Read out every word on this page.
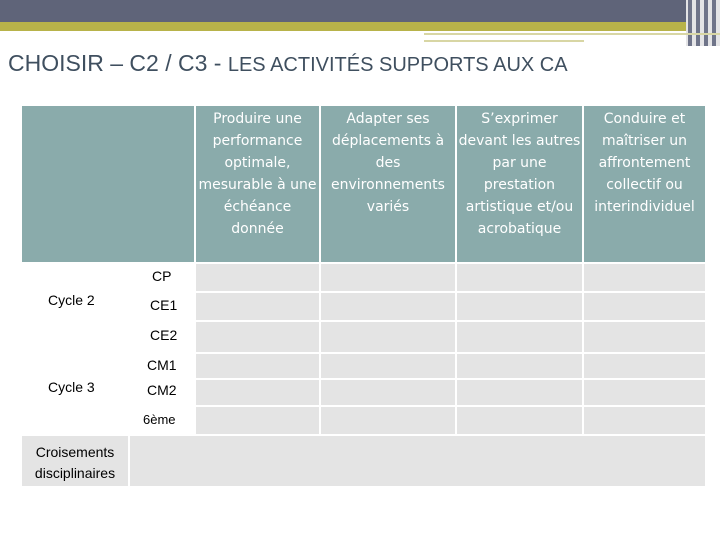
CHOISIR – C2 / C3 - LES ACTIVITÉS SUPPORTS AUX CA
Produire une performance optimale, mesurable à une échéance donnée
Adapter ses déplacements à des environnements variés
S’exprimer devant les autres par une prestation artistique et/ou acrobatique
Conduire et maîtriser un affrontement collectif ou interindividuel
Cycle 2
Cycle 3
CP
CE1
CE2
CM1
CM2
6ème
Croisements disciplinaires
